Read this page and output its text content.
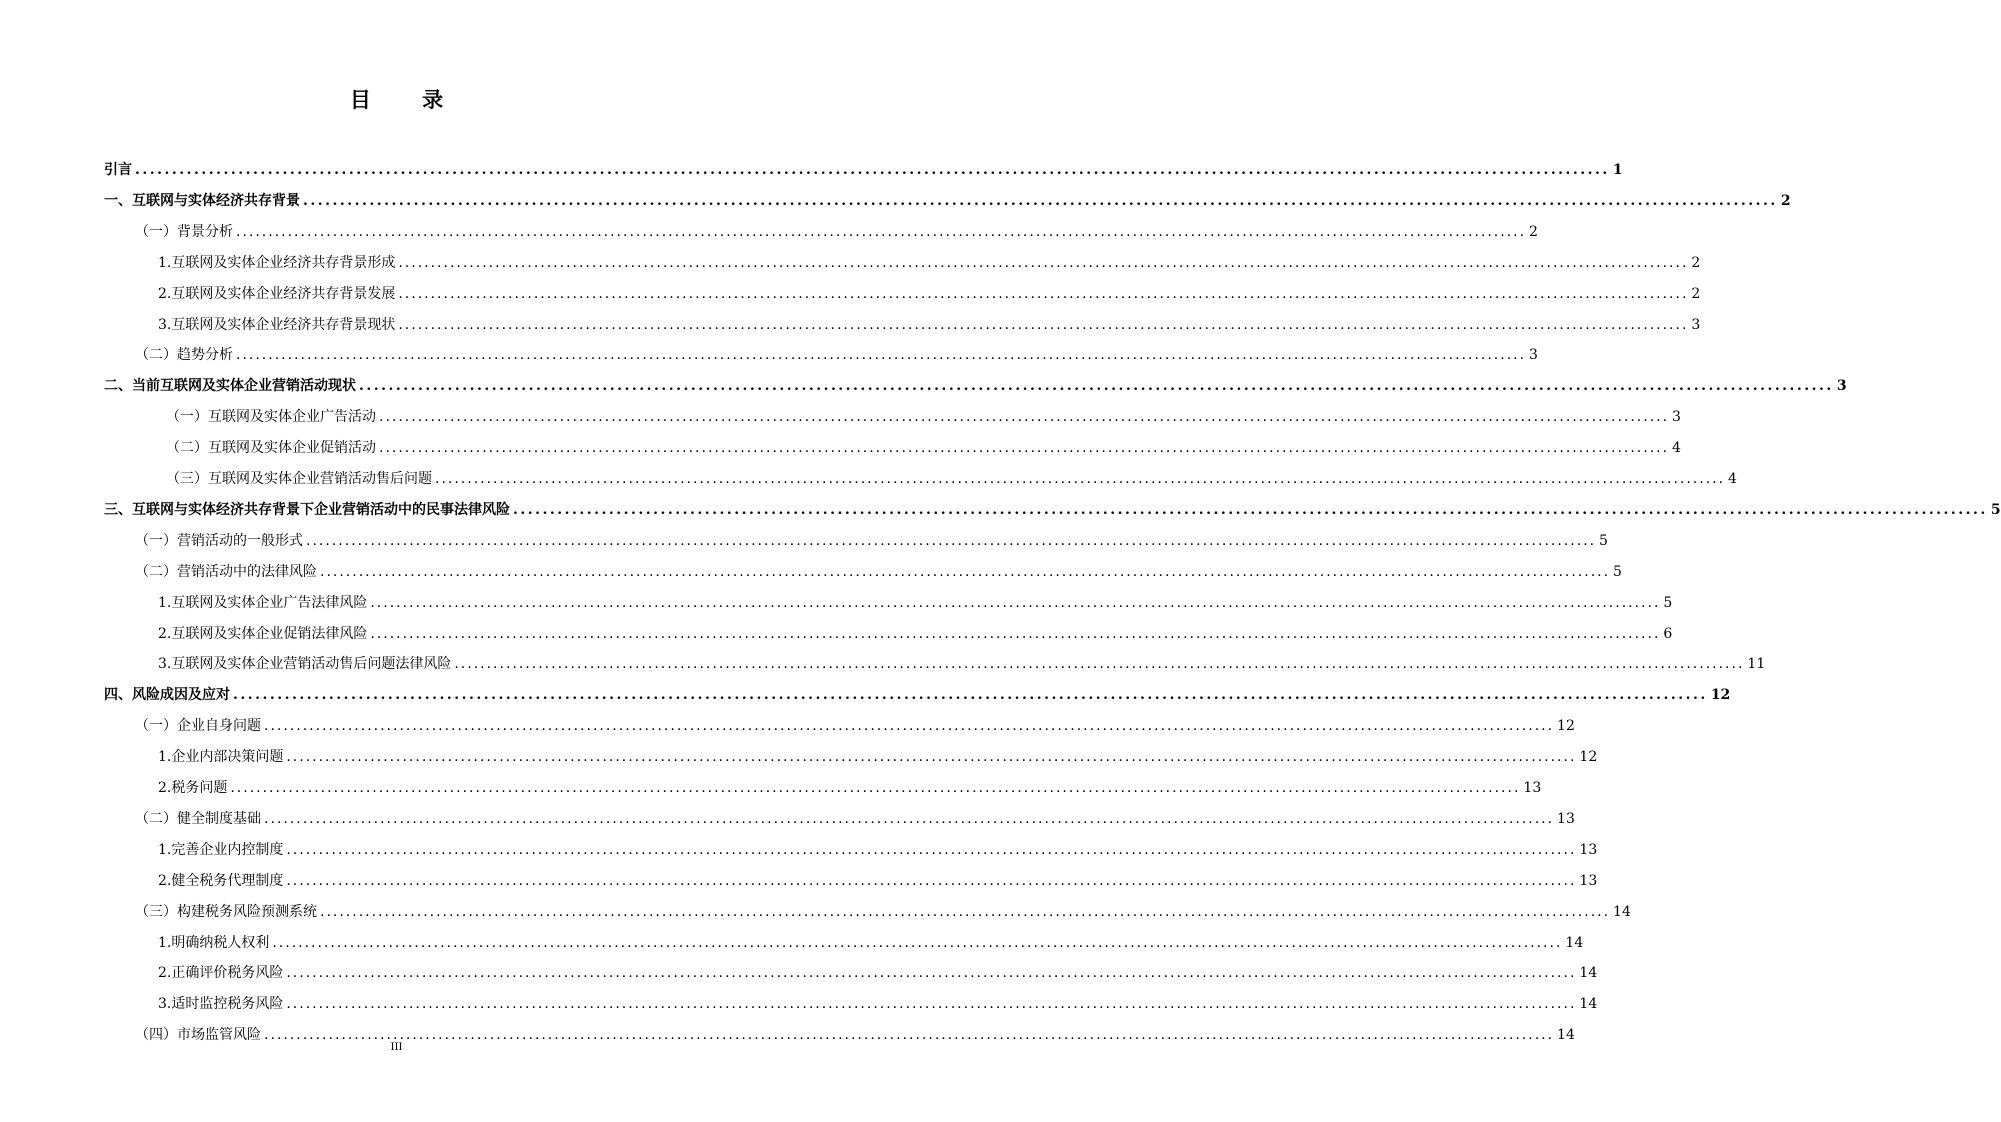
目 录
引言 ........................................................................................................................................................................................................ 1
一、互联网与实体经济共存背景 ........................................................................................................................................................................................................ 2
（一）背景分析 ........................................................................................................................................................................................................ 2
1.互联网及实体企业经济共存背景形成 ........................................................................................................................................................................................................ 2
2.互联网及实体企业经济共存背景发展 ........................................................................................................................................................................................................ 2
3.互联网及实体企业经济共存背景现状 ........................................................................................................................................................................................................ 3
（二）趋势分析 ........................................................................................................................................................................................................ 3
二、当前互联网及实体企业营销活动现状 ........................................................................................................................................................................................................ 3
（一）互联网及实体企业广告活动 ........................................................................................................................................................................................................ 3
（二）互联网及实体企业促销活动 ........................................................................................................................................................................................................ 4
（三）互联网及实体企业营销活动售后问题 ........................................................................................................................................................................................................ 4
三、互联网与实体经济共存背景下企业营销活动中的民事法律风险 ........................................................................................................................................................................................................ 5
（一）营销活动的一般形式 ........................................................................................................................................................................................................ 5
（二）营销活动中的法律风险 ........................................................................................................................................................................................................ 5
1.互联网及实体企业广告法律风险 ........................................................................................................................................................................................................ 5
2.互联网及实体企业促销法律风险 ........................................................................................................................................................................................................ 6
3.互联网及实体企业营销活动售后问题法律风险 ........................................................................................................................................................................................................ 11
四、风险成因及应对 ........................................................................................................................................................................................................ 12
（一）企业自身问题 ........................................................................................................................................................................................................ 12
1.企业内部决策问题 ........................................................................................................................................................................................................ 12
2.税务问题 ........................................................................................................................................................................................................ 13
（二）健全制度基础 ........................................................................................................................................................................................................ 13
1.完善企业内控制度 ........................................................................................................................................................................................................ 13
2.健全税务代理制度 ........................................................................................................................................................................................................ 13
（三）构建税务风险预测系统 ........................................................................................................................................................................................................ 14
1.明确纳税人权利 ........................................................................................................................................................................................................ 14
2.正确评价税务风险 ........................................................................................................................................................................................................ 14
3.适时监控税务风险 ........................................................................................................................................................................................................ 14
（四）市场监管风险 ........................................................................................................................................................................................................ 14
III
